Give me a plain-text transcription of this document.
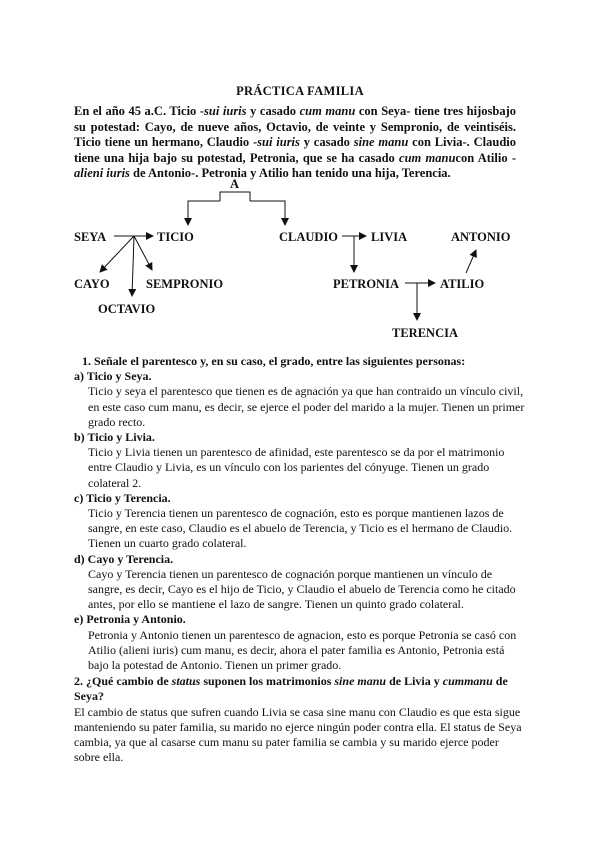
PRÁCTICA FAMILIA
En el año 45 a.C. Ticio -sui iuris y casado cum manu con Seya- tiene tres hijosbajo su potestad: Cayo, de nueve años, Octavio, de veinte y Sempronio, de veintiséis. Ticio tiene un hermano, Claudio -sui iuris y casado sine manu con Livia-. Claudio tiene una hija bajo su potestad, Petronia, que se ha casado cum manucon Atilio -alieni iuris de Antonio-. Petronia y Atilio han tenido una hija, Terencia.
A
SEYA	TICIO	CLAUDIO	LIVIA	ANTONIO
CAYO	SEMPRONIO	PETRONIA	ATILIO
OCTAVIO
TERENCIA
1. Señale el parentesco y, en su caso, el grado, entre las siguientes personas:
a) Ticio y Seya.
Ticio y seya el parentesco que tienen es de agnación ya que han contraido un vínculo civil, en este caso cum manu, es decir, se ejerce el poder del marido a la mujer. Tienen un primer grado recto.
b) Ticio y Livia.
Ticio y Livia tienen un parentesco de afinidad, este parentesco se da por el matrimonio entre Claudio y Livia, es un vínculo con los parientes del cónyuge. Tienen un grado colateral 2.
c) Ticio y Terencia.
Ticio y Terencia tienen un parentesco de cognación, esto es porque mantienen lazos de sangre, en este caso, Claudio es el abuelo de Terencia, y Ticio es el hermano de Claudio. Tienen un cuarto grado colateral.
d) Cayo y Terencia.
Cayo y Terencia tienen un parentesco de cognación porque mantienen un vínculo de sangre, es decir, Cayo es el hijo de Ticio, y Claudio el abuelo de Terencia como he citado antes, por ello se mantiene el lazo de sangre. Tienen un quinto grado colateral.
e) Petronia y Antonio.
Petronia y Antonio tienen un parentesco de agnacion, esto es porque Petronia se casó con Atilio (alieni iuris) cum manu, es decir, ahora el pater familia es Antonio, Petronia está bajo la potestad de Antonio. Tienen un primer grado.
2. ¿Qué cambio de status suponen los matrimonios sine manu de Livia y cummanu de Seya?
El cambio de status que sufren cuando Livia se casa sine manu con Claudio es que esta sigue manteniendo su pater familia, su marido no ejerce ningún poder contra ella. El status de Seya cambia, ya que al casarse cum manu su pater familia se cambia y su marido ejerce poder sobre ella.
